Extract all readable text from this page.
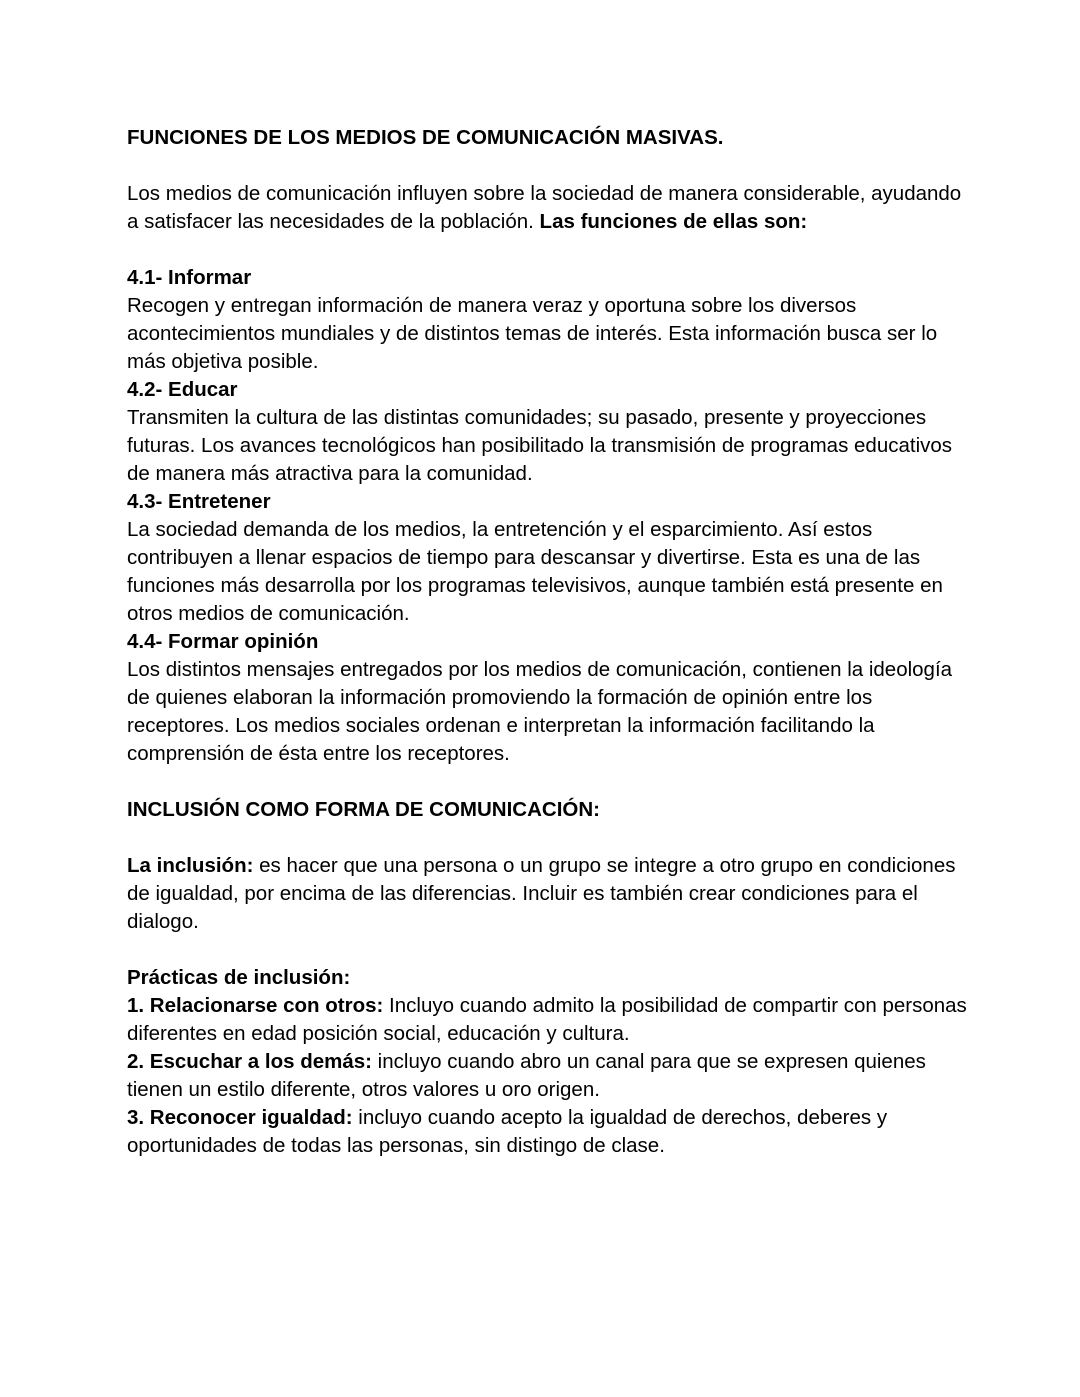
FUNCIONES DE LOS MEDIOS DE COMUNICACIÓN MASIVAS.

Los medios de comunicación influyen sobre la sociedad de manera considerable, ayudando a satisfacer las necesidades de la población. Las funciones de ellas son:

4.1- Informar

Recogen y entregan información de manera veraz y oportuna sobre los diversos acontecimientos mundiales y de distintos temas de interés. Esta información busca ser lo más objetiva posible.

4.2- Educar

Transmiten la cultura de las distintas comunidades; su pasado, presente y proyecciones futuras. Los avances tecnológicos han posibilitado la transmisión de programas educativos de manera más atractiva para la comunidad.

4.3- Entretener

La sociedad demanda de los medios, la entretención y el esparcimiento. Así estos contribuyen a llenar espacios de tiempo para descansar y divertirse. Esta es una de las funciones más desarrolla por los programas televisivos, aunque también está presente en otros medios de comunicación.

4.4- Formar opinión

Los distintos mensajes entregados por los medios de comunicación, contienen la ideología de quienes elaboran la información promoviendo la formación de opinión entre los receptores. Los medios sociales ordenan e interpretan la información facilitando la comprensión de ésta entre los receptores.

INCLUSIÓN COMO FORMA DE COMUNICACIÓN:

La inclusión: es hacer que una persona o un grupo se integre a otro grupo en condiciones de igualdad, por encima de las diferencias. Incluir es también crear condiciones para el dialogo.

Prácticas de inclusión:

1. Relacionarse con otros: Incluyo cuando admito la posibilidad de compartir con personas diferentes en edad posición social, educación y cultura.

2. Escuchar a los demás: incluyo cuando abro un canal para que se expresen quienes tienen un estilo diferente, otros valores u oro origen.

3. Reconocer igualdad: incluyo cuando acepto la igualdad de derechos, deberes y oportunidades de todas las personas, sin distingo de clase.
